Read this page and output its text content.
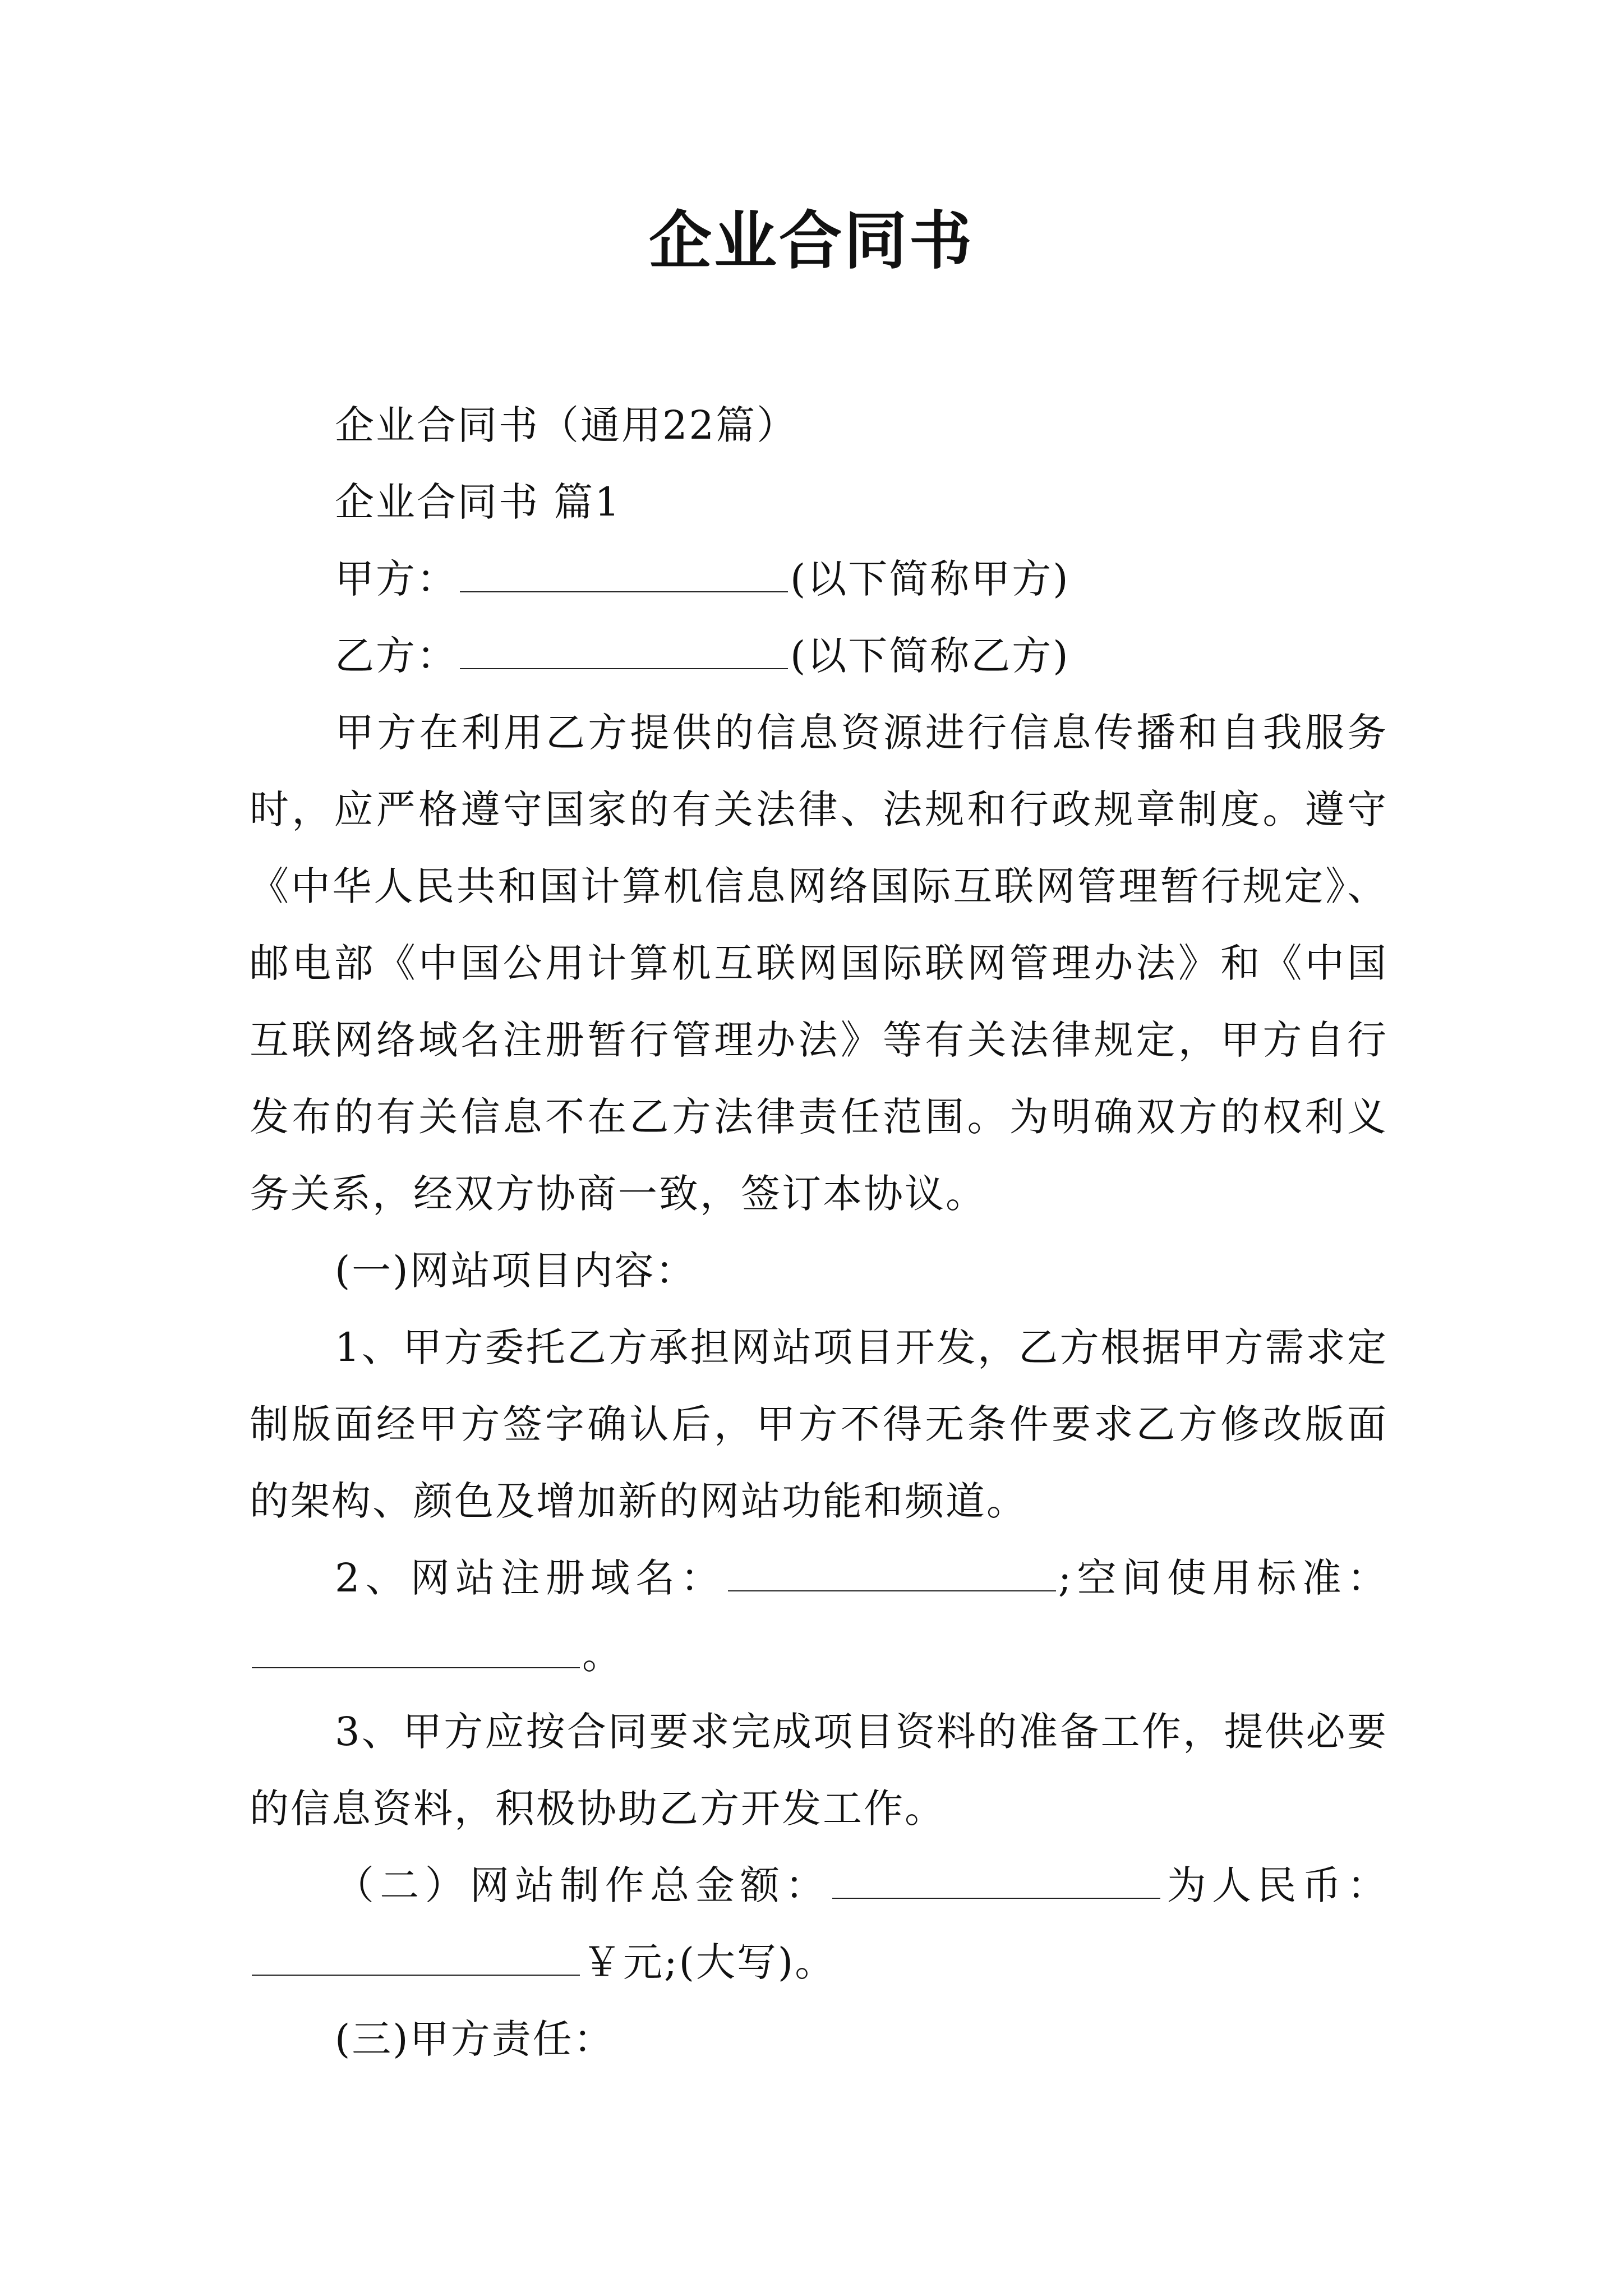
企业合同书

企业合同书（通用22篇）

企业合同书 篇1

甲方：	(以下简称甲方)

乙方：	(以下简称乙方)

甲方在利用乙方提供的信息资源进行信息传播和自我服务时，应严格遵守国家的有关法律、法规和行政规章制度。遵守《中华人民共和国计算机信息网络国际互联网管理暂行规定》、邮电部《中国公用计算机互联网国际联网管理办法》和《中国互联网络域名注册暂行管理办法》等有关法律规定，甲方自行发布的有关信息不在乙方法律责任范围。为明确双方的权利义务关系，经双方协商一致，签订本协议。

(一)网站项目内容：

1、甲方委托乙方承担网站项目开发，乙方根据甲方需求定制版面经甲方签字确认后，甲方不得无条件要求乙方修改版面的架构、颜色及增加新的网站功能和频道。

2、网站注册域名：	;空间使用标准：。

3、甲方应按合同要求完成项目资料的准备工作，提供必要的信息资料，积极协助乙方开发工作。

（二）网站制作总金额：	为人民币：￥元;(大写)。

(三)甲方责任：
